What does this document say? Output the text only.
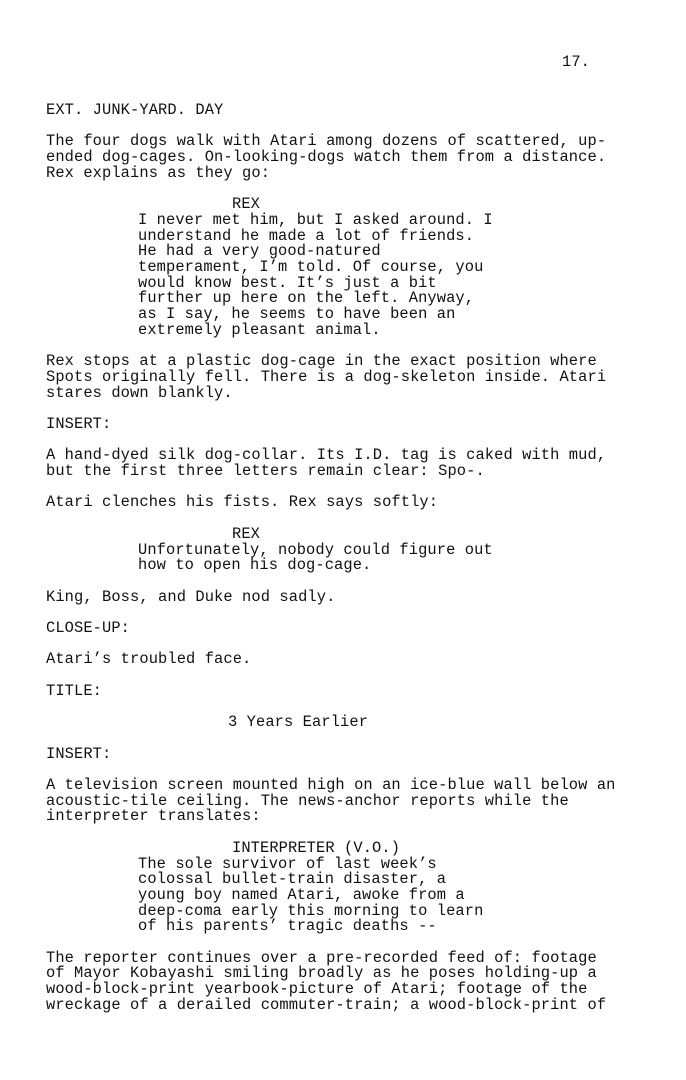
17.
EXT. JUNK-YARD. DAY
The four dogs walk with Atari among dozens of scattered, up-
ended dog-cages. On-looking-dogs watch them from a distance.
Rex explains as they go:
REX
I never met him, but I asked around. I
understand he made a lot of friends.
He had a very good-natured
temperament, I’m told. Of course, you
would know best. It’s just a bit
further up here on the left. Anyway,
as I say, he seems to have been an
extremely pleasant animal.
Rex stops at a plastic dog-cage in the exact position where
Spots originally fell. There is a dog-skeleton inside. Atari
stares down blankly.
INSERT:
A hand-dyed silk dog-collar. Its I.D. tag is caked with mud,
but the first three letters remain clear: Spo-.
Atari clenches his fists. Rex says softly:
REX
Unfortunately, nobody could figure out
how to open his dog-cage.
King, Boss, and Duke nod sadly.
CLOSE-UP:
Atari’s troubled face.
TITLE:
3 Years Earlier
INSERT:
A television screen mounted high on an ice-blue wall below an
acoustic-tile ceiling. The news-anchor reports while the
interpreter translates:
INTERPRETER (V.O.)
The sole survivor of last week’s
colossal bullet-train disaster, a
young boy named Atari, awoke from a
deep-coma early this morning to learn
of his parents’ tragic deaths --
The reporter continues over a pre-recorded feed of: footage
of Mayor Kobayashi smiling broadly as he poses holding-up a
wood-block-print yearbook-picture of Atari; footage of the
wreckage of a derailed commuter-train; a wood-block-print of
